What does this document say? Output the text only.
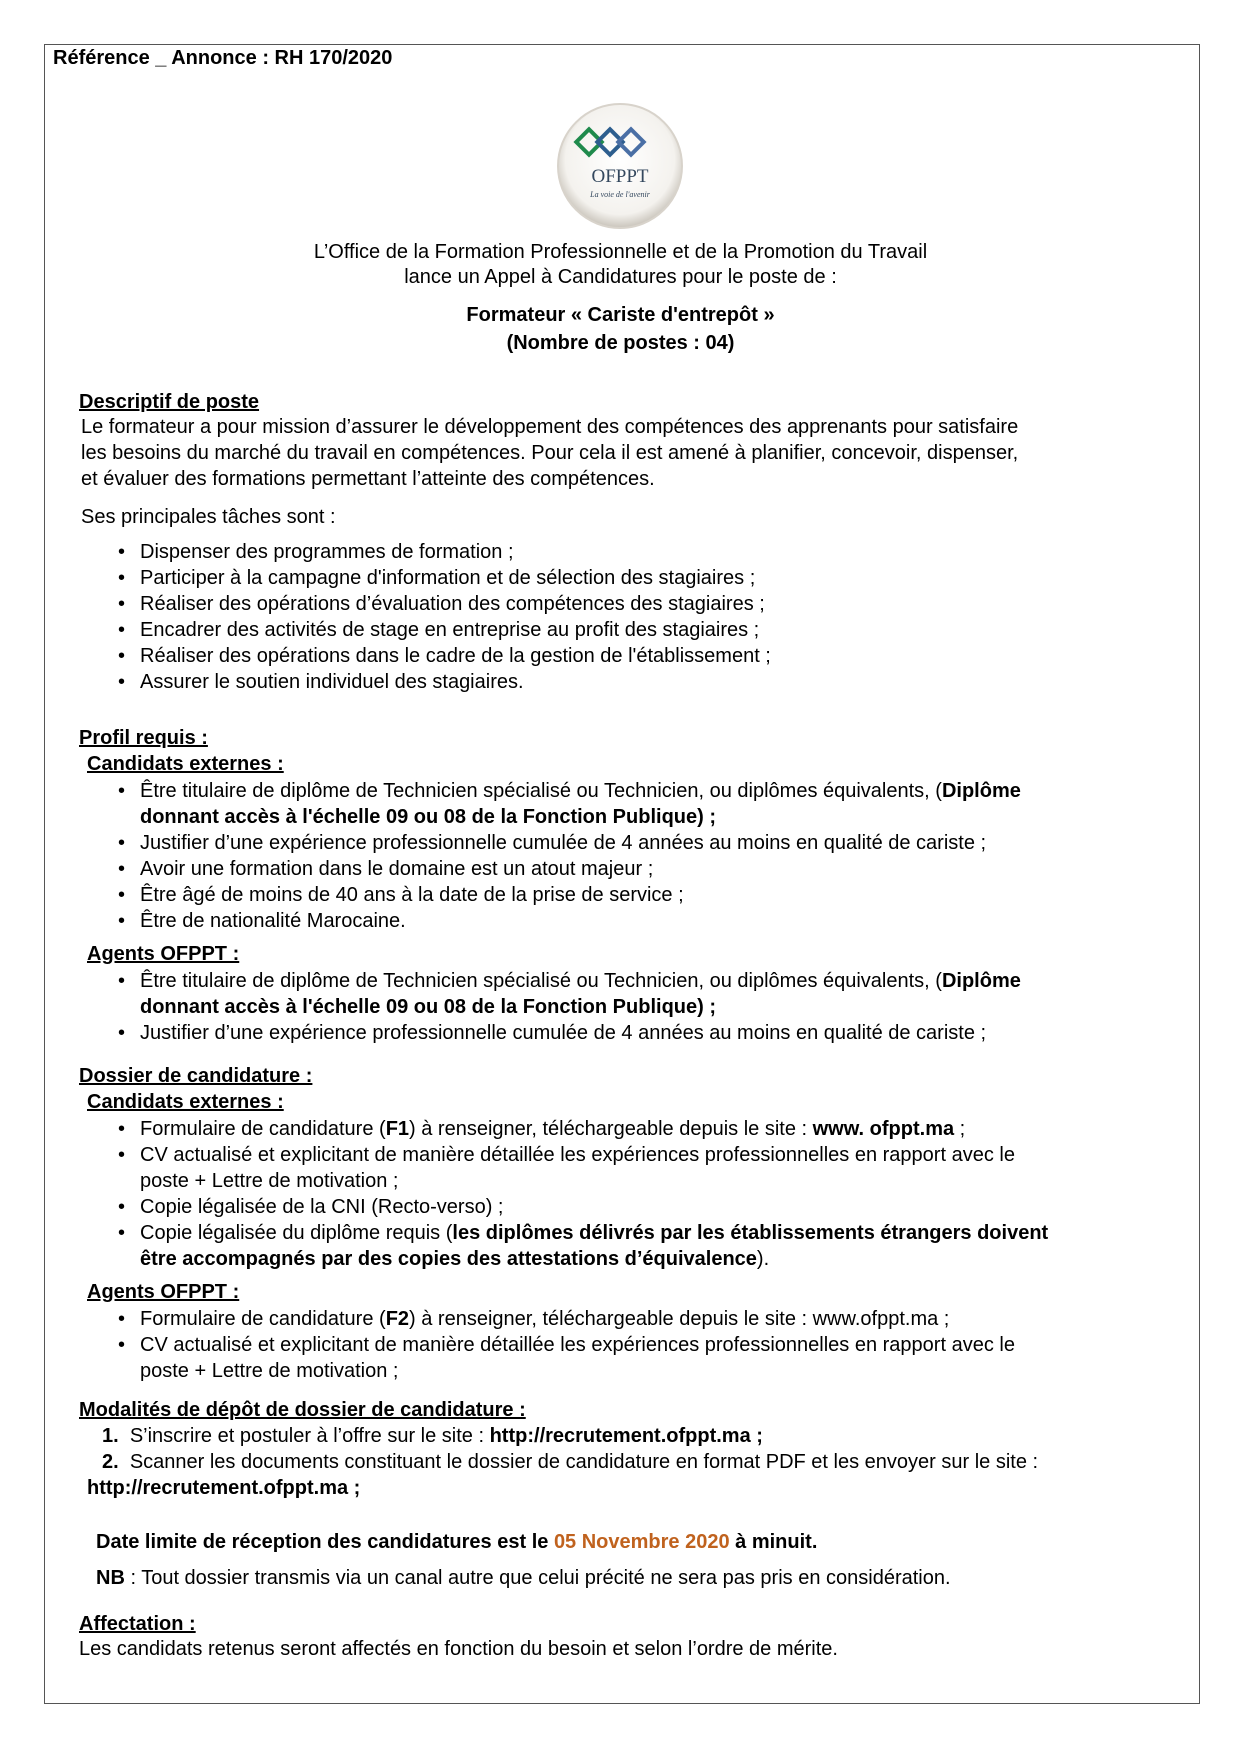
Référence _ Annonce : RH 170/2020
OFPPT
La voie de l'avenir
L’Office de la Formation Professionnelle et de la Promotion du Travail
lance un Appel à Candidatures pour le poste de :
Formateur « Cariste d'entrepôt »
(Nombre de postes : 04)
Descriptif de poste
Le formateur a pour mission d’assurer le développement des compétences des apprenants pour satisfaire
les besoins du marché du travail en compétences. Pour cela il est amené à planifier, concevoir, dispenser,
et évaluer des formations permettant l’atteinte des compétences.
Ses principales tâches sont :
• Dispenser des programmes de formation ;
• Participer à la campagne d'information et de sélection des stagiaires ;
• Réaliser des opérations d’évaluation des compétences des stagiaires ;
• Encadrer des activités de stage en entreprise au profit des stagiaires ;
• Réaliser des opérations dans le cadre de la gestion de l'établissement ;
• Assurer le soutien individuel des stagiaires.
Profil requis :
Candidats externes :
• Être titulaire de diplôme de Technicien spécialisé ou Technicien, ou diplômes équivalents, (Diplôme
donnant accès à l'échelle 09 ou 08 de la Fonction Publique) ;
• Justifier d’une expérience professionnelle cumulée de 4 années au moins en qualité de cariste ;
• Avoir une formation dans le domaine est un atout majeur ;
• Être âgé de moins de 40 ans à la date de la prise de service ;
• Être de nationalité Marocaine.
Agents OFPPT :
• Être titulaire de diplôme de Technicien spécialisé ou Technicien, ou diplômes équivalents, (Diplôme
donnant accès à l'échelle 09 ou 08 de la Fonction Publique) ;
• Justifier d’une expérience professionnelle cumulée de 4 années au moins en qualité de cariste ;
Dossier de candidature :
Candidats externes :
• Formulaire de candidature (F1) à renseigner, téléchargeable depuis le site : www. ofppt.ma ;
• CV actualisé et explicitant de manière détaillée les expériences professionnelles en rapport avec le
poste + Lettre de motivation ;
• Copie légalisée de la CNI (Recto-verso) ;
• Copie légalisée du diplôme requis (les diplômes délivrés par les établissements étrangers doivent
être accompagnés par des copies des attestations d’équivalence).
Agents OFPPT :
• Formulaire de candidature (F2) à renseigner, téléchargeable depuis le site : www.ofppt.ma ;
• CV actualisé et explicitant de manière détaillée les expériences professionnelles en rapport avec le
poste + Lettre de motivation ;
Modalités de dépôt de dossier de candidature :
1. S’inscrire et postuler à l’offre sur le site : http://recrutement.ofppt.ma ;
2. Scanner les documents constituant le dossier de candidature en format PDF et les envoyer sur le site :
http://recrutement.ofppt.ma ;
Date limite de réception des candidatures est le 05 Novembre 2020 à minuit.
NB : Tout dossier transmis via un canal autre que celui précité ne sera pas pris en considération.
Affectation :
Les candidats retenus seront affectés en fonction du besoin et selon l’ordre de mérite.
